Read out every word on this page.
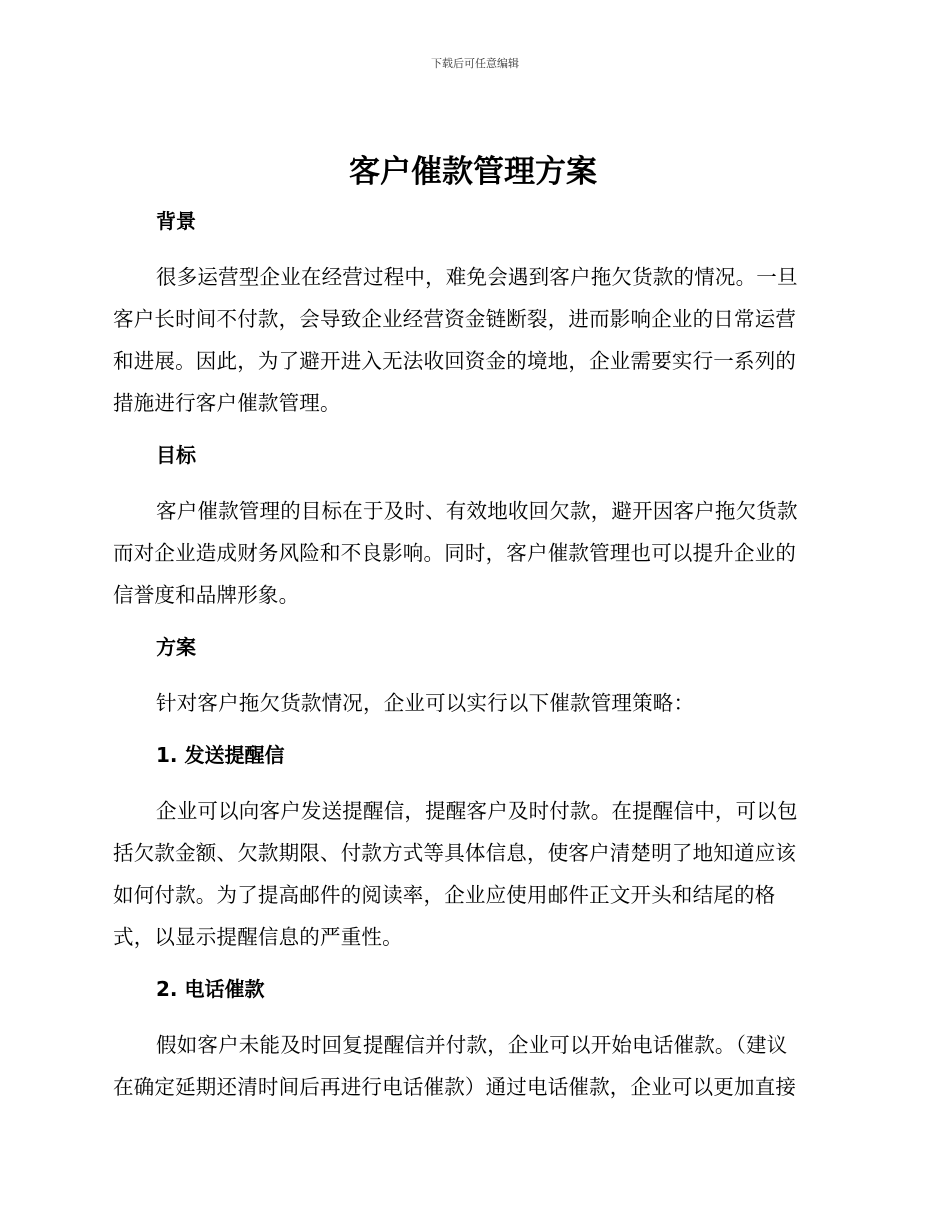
下载后可任意编辑
客户催款管理方案
背景

很多运营型企业在经营过程中，难免会遇到客户拖欠货款的情况。一旦

客户长时间不付款，会导致企业经营资金链断裂，进而影响企业的日常运营

和进展。因此，为了避开进入无法收回资金的境地，企业需要实行一系列的

措施进行客户催款管理。

目标

客户催款管理的目标在于及时、有效地收回欠款，避开因客户拖欠货款

而对企业造成财务风险和不良影响。同时，客户催款管理也可以提升企业的

信誉度和品牌形象。

方案

针对客户拖欠货款情况，企业可以实行以下催款管理策略：

1. 发送提醒信

企业可以向客户发送提醒信，提醒客户及时付款。在提醒信中，可以包

括欠款金额、欠款期限、付款方式等具体信息，使客户清楚明了地知道应该

如何付款。为了提高邮件的阅读率，企业应使用邮件正文开头和结尾的格

式，以显示提醒信息的严重性。

2. 电话催款

假如客户未能及时回复提醒信并付款，企业可以开始电话催款。（建议

在确定延期还清时间后再进行电话催款）通过电话催款，企业可以更加直接
